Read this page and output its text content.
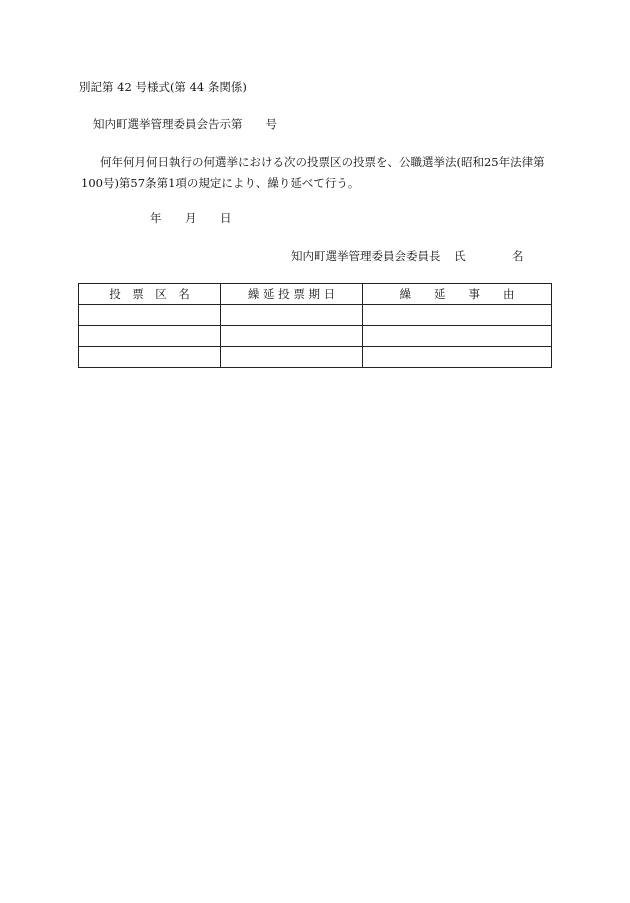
別記第 42 号様式(第 44 条関係)
知内町選挙管理委員会告示第　　号
何年何月何日執行の何選挙における次の投票区の投票を、公職選挙法(昭和25年法律第
100号)第57条第1項の規定により、繰り延べて行う。
年 月 日
知内町選挙管理委員会委員長 氏	名
投　票　区　名	繰 延 投 票 期 日	繰　　延　　事　　由
